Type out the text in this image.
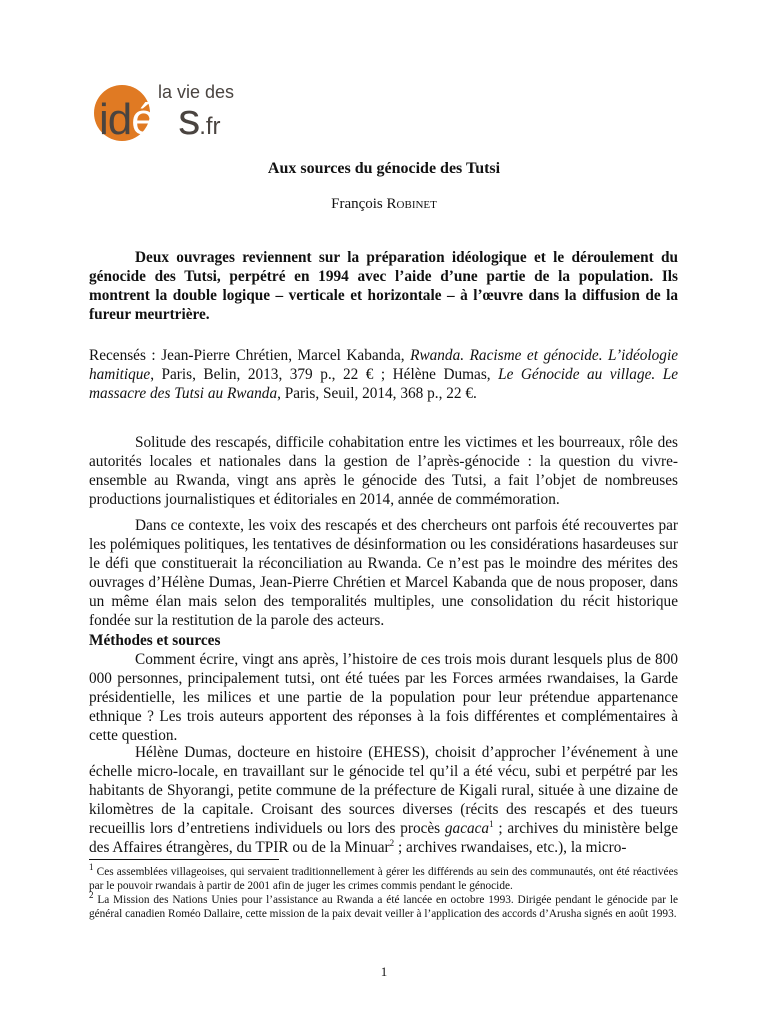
la vie des
idées.fr
Aux sources du génocide des Tutsi
François Robinet
Deux ouvrages reviennent sur la préparation idéologique et le déroulement du génocide des Tutsi, perpétré en 1994 avec l’aide d’une partie de la population. Ils montrent la double logique – verticale et horizontale – à l’œuvre dans la diffusion de la fureur meurtrière.
Recensés : Jean-Pierre Chrétien, Marcel Kabanda, Rwanda. Racisme et génocide. L’idéologie hamitique, Paris, Belin, 2013, 379 p., 22 € ; Hélène Dumas, Le Génocide au village. Le massacre des Tutsi au Rwanda, Paris, Seuil, 2014, 368 p., 22 €.
Solitude des rescapés, difficile cohabitation entre les victimes et les bourreaux, rôle des autorités locales et nationales dans la gestion de l’après-génocide : la question du vivre-ensemble au Rwanda, vingt ans après le génocide des Tutsi, a fait l’objet de nombreuses productions journalistiques et éditoriales en 2014, année de commémoration.
Dans ce contexte, les voix des rescapés et des chercheurs ont parfois été recouvertes par les polémiques politiques, les tentatives de désinformation ou les considérations hasardeuses sur le défi que constituerait la réconciliation au Rwanda. Ce n’est pas le moindre des mérites des ouvrages d’Hélène Dumas, Jean-Pierre Chrétien et Marcel Kabanda que de nous proposer, dans un même élan mais selon des temporalités multiples, une consolidation du récit historique fondée sur la restitution de la parole des acteurs.
Méthodes et sources
Comment écrire, vingt ans après, l’histoire de ces trois mois durant lesquels plus de 800 000 personnes, principalement tutsi, ont été tuées par les Forces armées rwandaises, la Garde présidentielle, les milices et une partie de la population pour leur prétendue appartenance ethnique ? Les trois auteurs apportent des réponses à la fois différentes et complémentaires à cette question.
Hélène Dumas, docteure en histoire (EHESS), choisit d’approcher l’événement à une échelle micro-locale, en travaillant sur le génocide tel qu’il a été vécu, subi et perpétré par les habitants de Shyorangi, petite commune de la préfecture de Kigali rural, située à une dizaine de kilomètres de la capitale. Croisant des sources diverses (récits des rescapés et des tueurs recueillis lors d’entretiens individuels ou lors des procès gacaca$^1$ ; archives du ministère belge des Affaires étrangères, du TPIR ou de la Minuar$^2$ ; archives rwandaises, etc.), la micro-
$^1$ Ces assemblées villageoises, qui servaient traditionnellement à gérer les différends au sein des communautés, ont été réactivées par le pouvoir rwandais à partir de 2001 afin de juger les crimes commis pendant le génocide.
$^2$ La Mission des Nations Unies pour l’assistance au Rwanda a été lancée en octobre 1993. Dirigée pendant le génocide par le général canadien Roméo Dallaire, cette mission de la paix devait veiller à l’application des accords d’Arusha signés en août 1993.
1
